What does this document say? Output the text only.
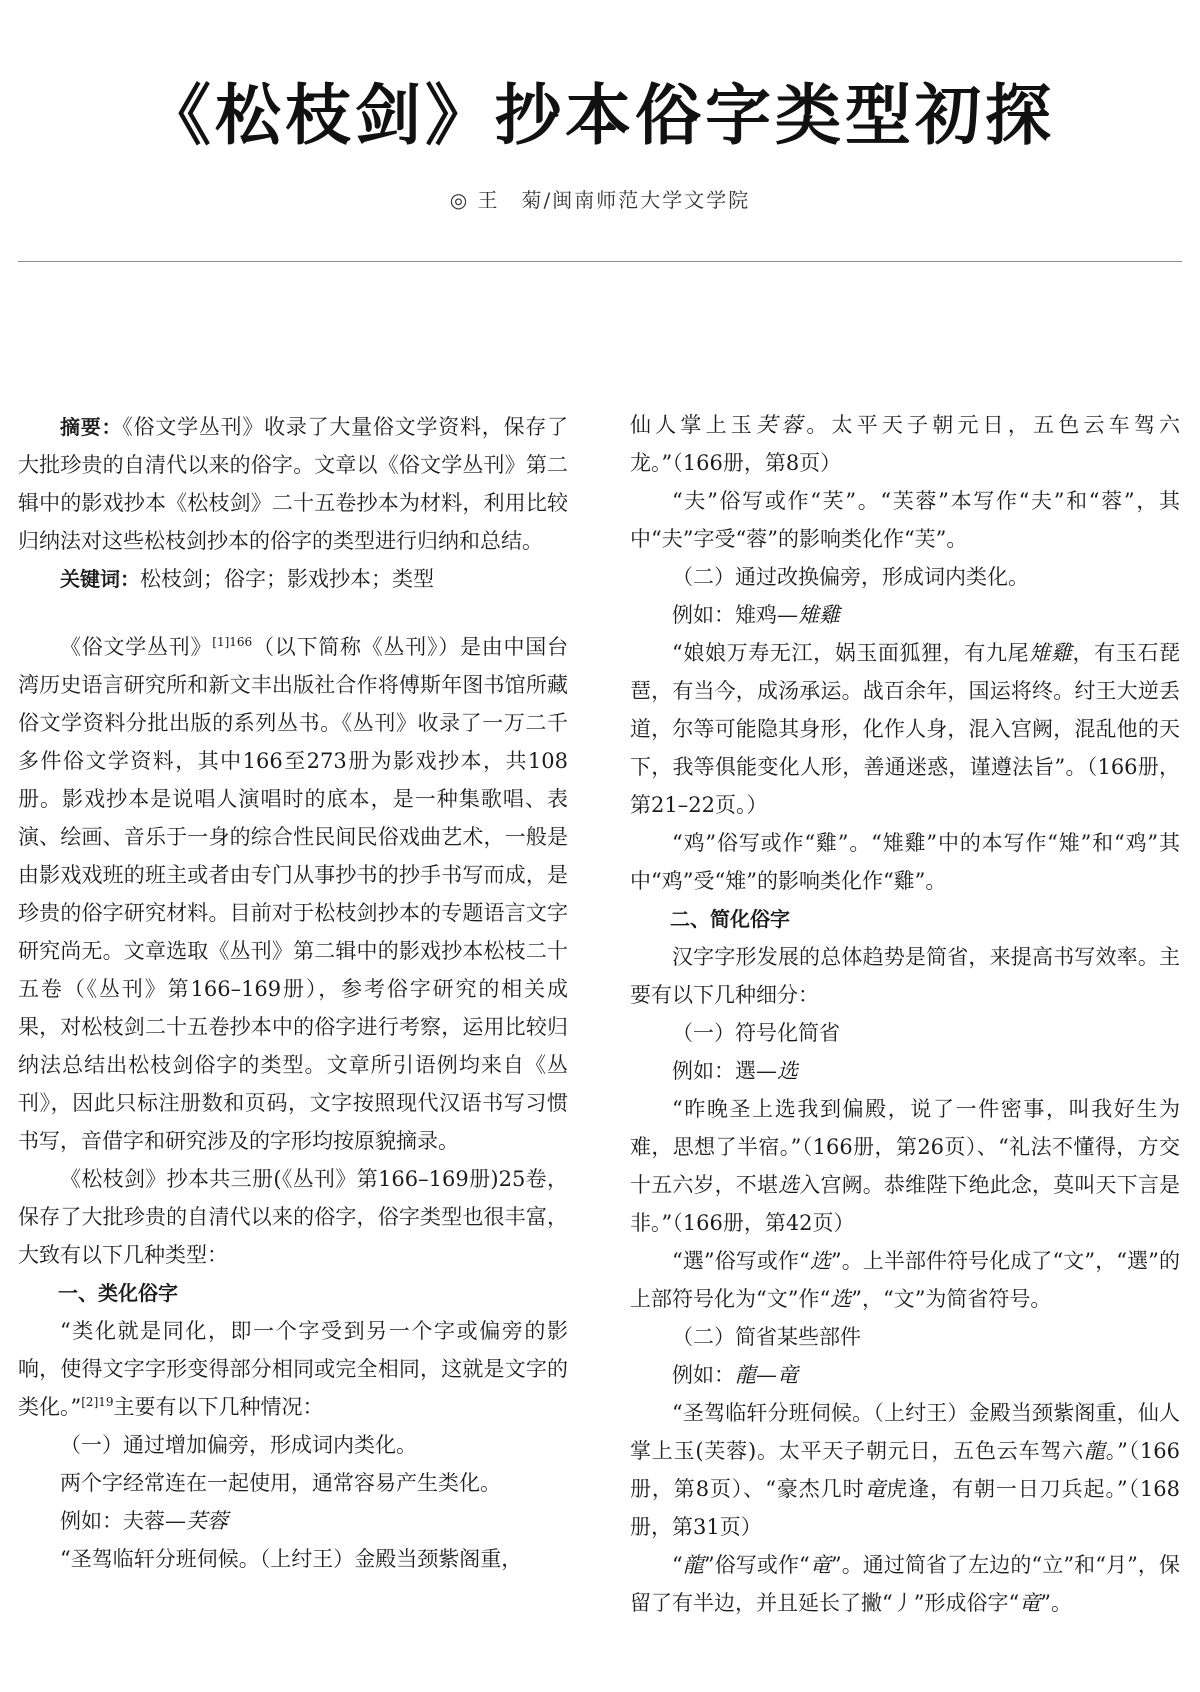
《松枝剑》抄本俗字类型初探
◎ 王　菊/闽南师范大学文学院

摘要：《俗文学丛刊》收录了大量俗文学资料，保存了大批珍贵的自清代以来的俗字。文章以《俗文学丛刊》第二辑中的影戏抄本《松枝剑》二十五卷抄本为材料，利用比较归纳法对这些松枝剑抄本的俗字的类型进行归纳和总结。

关键词：松枝剑；俗字；影戏抄本；类型

《俗文学丛刊》$^{[1]166}$（以下简称《丛刊》）是由中国台湾历史语言研究所和新文丰出版社合作将傅斯年图书馆所藏俗文学资料分批出版的系列丛书。《丛刊》收录了一万二千多件俗文学资料，其中166至273册为影戏抄本，共108册。影戏抄本是说唱人演唱时的底本，是一种集歌唱、表演、绘画、音乐于一身的综合性民间民俗戏曲艺术，一般是由影戏戏班的班主或者由专门从事抄书的抄手书写而成，是珍贵的俗字研究材料。目前对于松枝剑抄本的专题语言文字研究尚无。文章选取《丛刊》第二辑中的影戏抄本松枝二十五卷（《丛刊》第166–169册），参考俗字研究的相关成果，对松枝剑二十五卷抄本中的俗字进行考察，运用比较归纳法总结出松枝剑俗字的类型。文章所引语例均来自《丛刊》，因此只标注册数和页码，文字按照现代汉语书写习惯书写，音借字和研究涉及的字形均按原貌摘录。

《松枝剑》抄本共三册(《丛刊》第166–169册)25卷，保存了大批珍贵的自清代以来的俗字，俗字类型也很丰富，大致有以下几种类型：

一、类化俗字

“类化就是同化，即一个字受到另一个字或偏旁的影响，使得文字字形变得部分相同或完全相同，这就是文字的类化。”$^{[2]19}$主要有以下几种情况：

（一）通过增加偏旁，形成词内类化。

两个字经常连在一起使用，通常容易产生类化。

例如：夫蓉—芺蓉

“圣驾临轩分班伺候。（上纣王）金殿当颈紫阁重，

仙人掌上玉芺蓉。太平天子朝元日，五色云车驾六龙。”（166册，第8页）

“夫”俗写或作“芺”。“芙蓉”本写作“夫”和“蓉”，其中“夫”字受“蓉”的影响类化作“芙”。

（二）通过改换偏旁，形成词内类化。

例如：雉鸡—雉雞

“娘娘万寿无江，娲玉面狐狸，有九尾雉雞，有玉石琵琶，有当今，成汤承运。战百余年，国运将终。纣王大逆丢道，尔等可能隐其身形，化作人身，混入宫阙，混乱他的天下，我等俱能变化人形，善通迷惑，谨遵法旨”。（166册，第21–22页。）

“鸡”俗写或作“雞”。“雉雞”中的本写作“雉”和“鸡”其中“鸡”受“雉”的影响类化作“雞”。

二、简化俗字

汉字字形发展的总体趋势是简省，来提高书写效率。主要有以下几种细分：

（一）符号化简省

例如：選—选

“昨晚圣上选我到偏殿，说了一件密事，叫我好生为难，思想了半宿。”（166册，第26页）、“礼法不懂得，方交十五六岁，不堪选入宫阙。恭维陛下绝此念，莫叫天下言是非。”（166册，第42页）

“選”俗写或作“选”。上半部件符号化成了“文”，“選”的上部符号化为“文”作“选”，“文”为简省符号。

（二）简省某些部件

例如：龍—竜

“圣驾临轩分班伺候。（上纣王）金殿当颈紫阁重，仙人掌上玉(芙蓉)。太平天子朝元日，五色云车驾六龍。”（166册，第8页）、“豪杰几时竜虎逢，有朝一日刀兵起。”（168册，第31页）

“龍”俗写或作“竜”。通过简省了左边的“立”和“月”，保留了有半边，并且延长了撇“丿”形成俗字“竜”。
